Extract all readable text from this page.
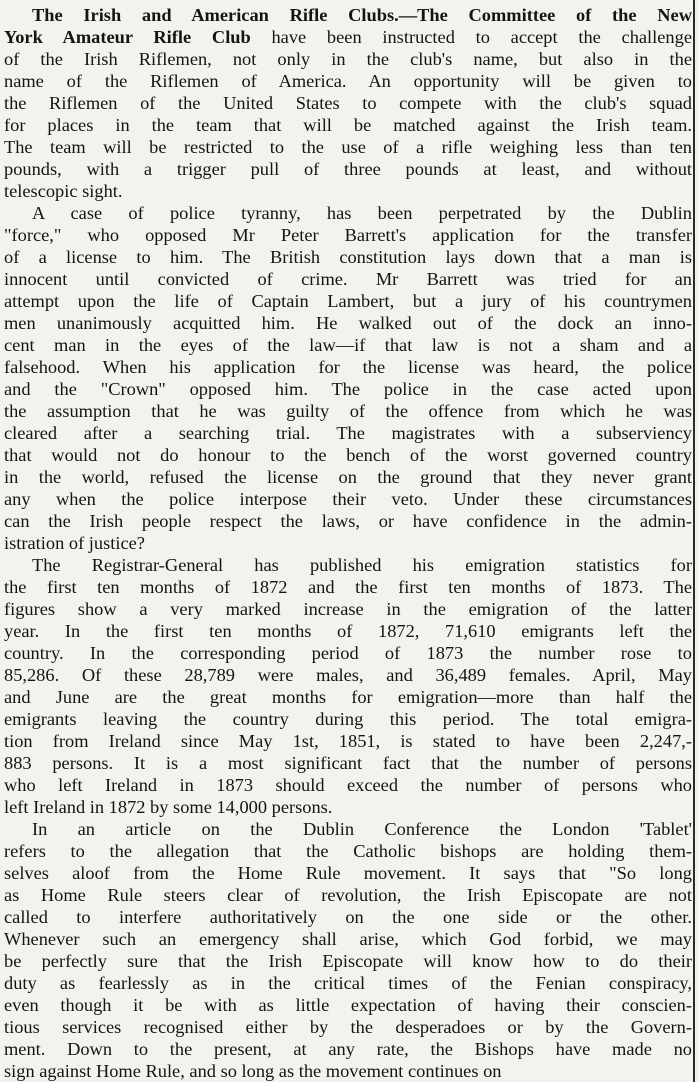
The Irish and American Rifle Clubs.—The Committee of the New
York Amateur Rifle Club have been instructed to accept the challenge
of the Irish Riflemen, not only in the club's name, but also in the
name of the Riflemen of America. An opportunity will be given to
the Riflemen of the United States to compete with the club's squad
for places in the team that will be matched against the Irish team.
The team will be restricted to the use of a rifle weighing less than ten
pounds, with a trigger pull of three pounds at least, and without
telescopic sight.
A case of police tyranny, has been perpetrated by the Dublin
"force," who opposed Mr Peter Barrett's application for the transfer
of a license to him. The British constitution lays down that a man is
innocent until convicted of crime. Mr Barrett was tried for an
attempt upon the life of Captain Lambert, but a jury of his countrymen
men unanimously acquitted him. He walked out of the dock an inno-
cent man in the eyes of the law—if that law is not a sham and a
falsehood. When his application for the license was heard, the police
and the "Crown" opposed him. The police in the case acted upon
the assumption that he was guilty of the offence from which he was
cleared after a searching trial. The magistrates with a subserviency
that would not do honour to the bench of the worst governed country
in the world, refused the license on the ground that they never grant
any when the police interpose their veto. Under these circumstances
can the Irish people respect the laws, or have confidence in the admin-
istration of justice?
The Registrar-General has published his emigration statistics for
the first ten months of 1872 and the first ten months of 1873. The
figures show a very marked increase in the emigration of the latter
year. In the first ten months of 1872, 71,610 emigrants left the
country. In the corresponding period of 1873 the number rose to
85,286. Of these 28,789 were males, and 36,489 females. April, May
and June are the great months for emigration—more than half the
emigrants leaving the country during this period. The total emigra-
tion from Ireland since May 1st, 1851, is stated to have been 2,247,-
883 persons. It is a most significant fact that the number of persons
who left Ireland in 1873 should exceed the number of persons who
left Ireland in 1872 by some 14,000 persons.
In an article on the Dublin Conference the London 'Tablet'
refers to the allegation that the Catholic bishops are holding them-
selves aloof from the Home Rule movement. It says that "So long
as Home Rule steers clear of revolution, the Irish Episcopate are not
called to interfere authoritatively on the one side or the other.
Whenever such an emergency shall arise, which God forbid, we may
be perfectly sure that the Irish Episcopate will know how to do their
duty as fearlessly as in the critical times of the Fenian conspiracy,
even though it be with as little expectation of having their conscien-
tious services recognised either by the desperadoes or by the Govern-
ment. Down to the present, at any rate, the Bishops have made no
sign against Home Rule, and so long as the movement continues on
